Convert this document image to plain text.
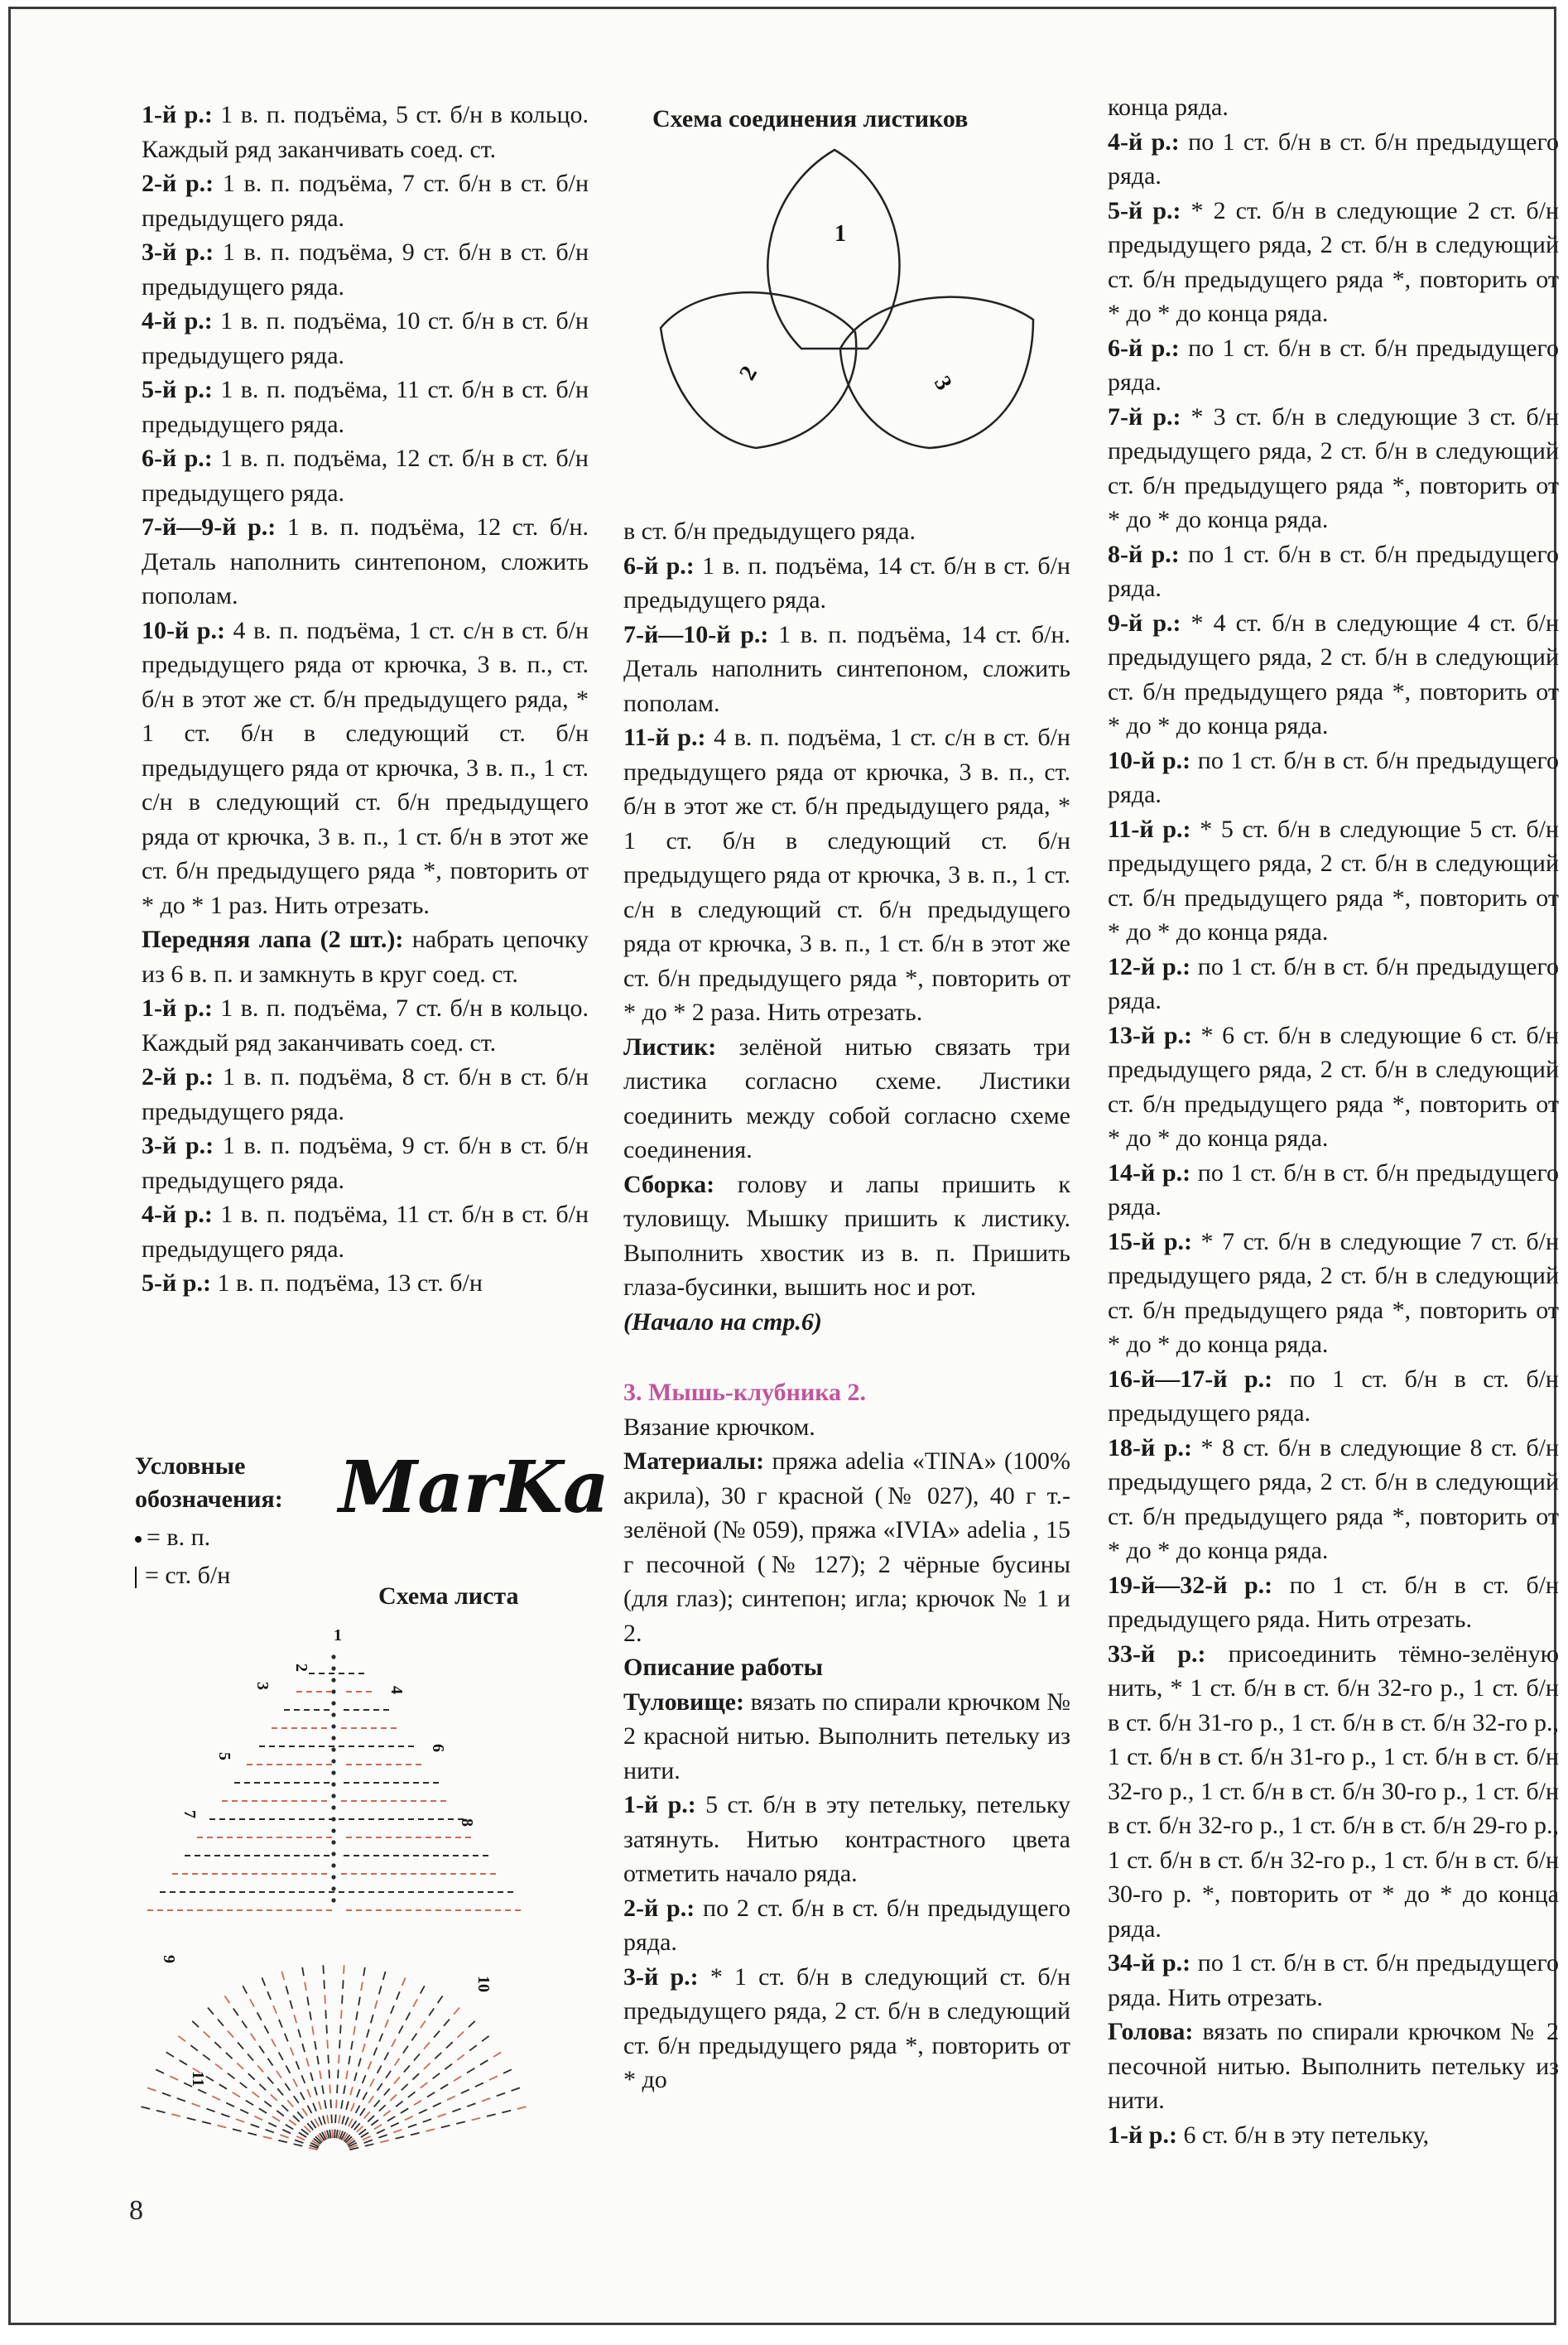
1-й р.: 1 в. п. подъёма, 5 ст. б/н в кольцо. Каждый ряд заканчивать соед. ст.

2-й р.: 1 в. п. подъёма, 7 ст. б/н в ст. б/н предыдущего ряда.

3-й р.: 1 в. п. подъёма, 9 ст. б/н в ст. б/н предыдущего ряда.

4-й р.: 1 в. п. подъёма, 10 ст. б/н в ст. б/н предыдущего ряда.

5-й р.: 1 в. п. подъёма, 11 ст. б/н в ст. б/н предыдущего ряда.

6-й р.: 1 в. п. подъёма, 12 ст. б/н в ст. б/н предыдущего ряда.

7-й—9-й р.: 1 в. п. подъёма, 12 ст. б/н. Деталь наполнить синтепоном, сложить пополам.

10-й р.: 4 в. п. подъёма, 1 ст. с/н в ст. б/н предыдущего ряда от крючка, 3 в. п., ст. б/н в этот же ст. б/н предыдущего ряда, * 1 ст. б/н в следующий ст. б/н предыдущего ряда от крючка, 3 в. п., 1 ст. с/н в следующий ст. б/н предыдущего ряда от крючка, 3 в. п., 1 ст. б/н в этот же ст. б/н предыдущего ряда *, повторить от * до * 1 раз. Нить отрезать.

Передняя лапа (2 шт.): набрать цепочку из 6 в. п. и замкнуть в круг соед. ст.

1-й р.: 1 в. п. подъёма, 7 ст. б/н в кольцо. Каждый ряд заканчивать соед. ст.

2-й р.: 1 в. п. подъёма, 8 ст. б/н в ст. б/н предыдущего ряда.

3-й р.: 1 в. п. подъёма, 9 ст. б/н в ст. б/н предыдущего ряда.

4-й р.: 1 в. п. подъёма, 11 ст. б/н в ст. б/н предыдущего ряда.

5-й р.: 1 в. п. подъёма, 13 ст. б/н

Схема соединения листиков
1
2	3

в ст. б/н предыдущего ряда.

6-й р.: 1 в. п. подъёма, 14 ст. б/н в ст. б/н предыдущего ряда.

7-й—10-й р.: 1 в. п. подъёма, 14 ст. б/н. Деталь наполнить синтепоном, сложить пополам.

11-й р.: 4 в. п. подъёма, 1 ст. с/н в ст. б/н предыдущего ряда от крючка, 3 в. п., ст. б/н в этот же ст. б/н предыдущего ряда, * 1 ст. б/н в следующий ст. б/н предыдущего ряда от крючка, 3 в. п., 1 ст. с/н в следующий ст. б/н предыдущего ряда от крючка, 3 в. п., 1 ст. б/н в этот же ст. б/н предыдущего ряда *, повторить от * до * 2 раза. Нить отрезать.

Листик: зелёной нитью связать три листика согласно схеме. Листики соединить между собой согласно схеме соединения.

Сборка: голову и лапы пришить к туловищу. Мышку пришить к листику. Выполнить хвостик из в. п. Пришить глаза-бусинки, вышить нос и рот.

(Начало на стр.6)

3. Мышь-клубника 2.

Вязание крючком.

Материалы: пряжа adelia «TINA» (100% акрила), 30 г красной (№ 027), 40 г т.-зелёной (№ 059), пряжа «IVIA» adelia , 15 г песочной (№ 127); 2 чёрные бусины (для глаз); синтепон; игла; крючок № 1 и 2.

Описание работы

Туловище: вязать по спирали крючком № 2 красной нитью. Выполнить петельку из нити.

1-й р.: 5 ст. б/н в эту петельку, петельку затянуть. Нитью контрастного цвета отметить начало ряда.

2-й р.: по 2 ст. б/н в ст. б/н предыдущего ряда.

3-й р.: * 1 ст. б/н в следующий ст. б/н предыдущего ряда, 2 ст. б/н в следующий ст. б/н предыдущего ряда *, повторить от * до

конца ряда.

4-й р.: по 1 ст. б/н в ст. б/н предыдущего ряда.

5-й р.: * 2 ст. б/н в следующие 2 ст. б/н предыдущего ряда, 2 ст. б/н в следующий ст. б/н предыдущего ряда *, повторить от * до * до конца ряда.

6-й р.: по 1 ст. б/н в ст. б/н предыдущего ряда.

7-й р.: * 3 ст. б/н в следующие 3 ст. б/н предыдущего ряда, 2 ст. б/н в следующий ст. б/н предыдущего ряда *, повторить от * до * до конца ряда.

8-й р.: по 1 ст. б/н в ст. б/н предыдущего ряда.

9-й р.: * 4 ст. б/н в следующие 4 ст. б/н предыдущего ряда, 2 ст. б/н в следующий ст. б/н предыдущего ряда *, повторить от * до * до конца ряда.

10-й р.: по 1 ст. б/н в ст. б/н предыдущего ряда.

11-й р.: * 5 ст. б/н в следующие 5 ст. б/н предыдущего ряда, 2 ст. б/н в следующий ст. б/н предыдущего ряда *, повторить от * до * до конца ряда.

12-й р.: по 1 ст. б/н в ст. б/н предыдущего ряда.

13-й р.: * 6 ст. б/н в следующие 6 ст. б/н предыдущего ряда, 2 ст. б/н в следующий ст. б/н предыдущего ряда *, повторить от * до * до конца ряда.

14-й р.: по 1 ст. б/н в ст. б/н предыдущего ряда.

15-й р.: * 7 ст. б/н в следующие 7 ст. б/н предыдущего ряда, 2 ст. б/н в следующий ст. б/н предыдущего ряда *, повторить от * до * до конца ряда.

16-й—17-й р.: по 1 ст. б/н в ст. б/н предыдущего ряда.

18-й р.: * 8 ст. б/н в следующие 8 ст. б/н предыдущего ряда, 2 ст. б/н в следующий ст. б/н предыдущего ряда *, повторить от * до * до конца ряда.

19-й—32-й р.: по 1 ст. б/н в ст. б/н предыдущего ряда. Нить отрезать.

33-й р.: присоединить тёмно-зелёную нить, * 1 ст. б/н в ст. б/н 32-го р., 1 ст. б/н в ст. б/н 31-го р., 1 ст. б/н в ст. б/н 32-го р., 1 ст. б/н в ст. б/н 31-го р., 1 ст. б/н в ст. б/н 32-го р., 1 ст. б/н в ст. б/н 30-го р., 1 ст. б/н в ст. б/н 32-го р., 1 ст. б/н в ст. б/н 29-го р., 1 ст. б/н в ст. б/н 32-го р., 1 ст. б/н в ст. б/н 30-го р. *, повторить от * до * до конца ряда.

34-й р.: по 1 ст. б/н в ст. б/н предыдущего ряда. Нить отрезать.

Голова: вязать по спирали крючком № 2 песочной нитью. Выполнить петельку из нити.

1-й р.: 6 ст. б/н в эту петельку,

Условные
обозначения:
= в. п.
= ст. б/н
MarKa
Схема листа
1
2
3	4
5
6
7
8
9
10
11
8
